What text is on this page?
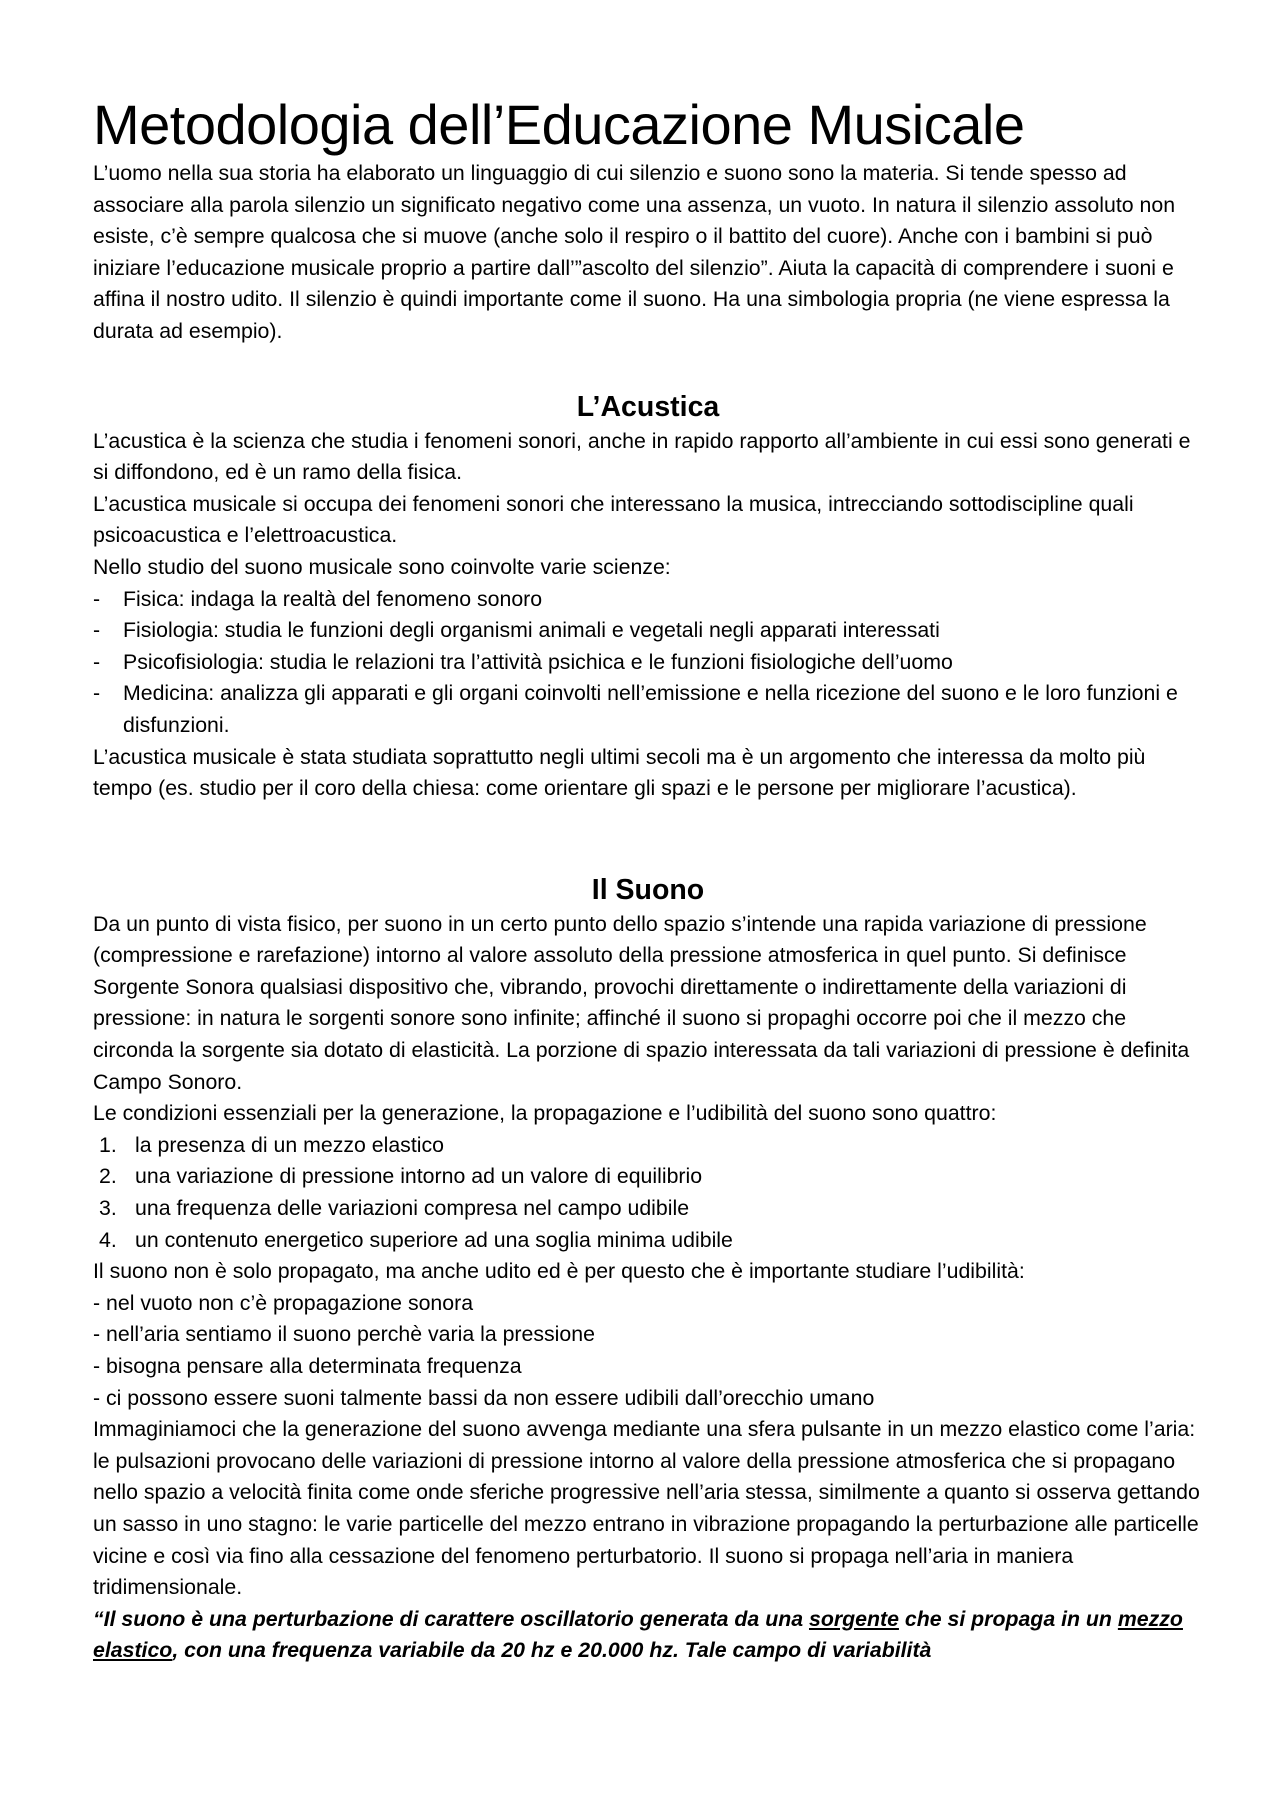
Metodologia dell’Educazione Musicale

L’uomo nella sua storia ha elaborato un linguaggio di cui silenzio e suono sono la materia. Si tende spesso ad associare alla parola silenzio un significato negativo come una assenza, un vuoto. In natura il silenzio assoluto non esiste, c’è sempre qualcosa che si muove (anche solo il respiro o il battito del cuore). Anche con i bambini si può iniziare l’educazione musicale proprio a partire dall’”ascolto del silenzio”. Aiuta la capacità di comprendere i suoni e affina il nostro udito. Il silenzio è quindi importante come il suono. Ha una simbologia propria (ne viene espressa la durata ad esempio).

L’Acustica

L’acustica è la scienza che studia i fenomeni sonori, anche in rapido rapporto all’ambiente in cui essi sono generati e si diffondono, ed è un ramo della fisica.

L’acustica musicale si occupa dei fenomeni sonori che interessano la musica, intrecciando sottodiscipline quali psicoacustica e l’elettroacustica.

Nello studio del suono musicale sono coinvolte varie scienze:

- Fisica: indaga la realtà del fenomeno sonoro
- Fisiologia: studia le funzioni degli organismi animali e vegetali negli apparati interessati
- Psicofisiologia: studia le relazioni tra l’attività psichica e le funzioni fisiologiche dell’uomo
- Medicina: analizza gli apparati e gli organi coinvolti nell’emissione e nella ricezione del suono e le loro funzioni e disfunzioni.

L’acustica musicale è stata studiata soprattutto negli ultimi secoli ma è un argomento che interessa da molto più tempo (es. studio per il coro della chiesa: come orientare gli spazi e le persone per migliorare l’acustica).

Il Suono

Da un punto di vista fisico, per suono in un certo punto dello spazio s’intende una rapida variazione di pressione (compressione e rarefazione) intorno al valore assoluto della pressione atmosferica in quel punto. Si definisce Sorgente Sonora qualsiasi dispositivo che, vibrando, provochi direttamente o indirettamente della variazioni di pressione: in natura le sorgenti sonore sono infinite; affinché il suono si propaghi occorre poi che il mezzo che circonda la sorgente sia dotato di elasticità. La porzione di spazio interessata da tali variazioni di pressione è definita Campo Sonoro.

Le condizioni essenziali per la generazione, la propagazione e l’udibilità del suono sono quattro:

1. la presenza di un mezzo elastico
2. una variazione di pressione intorno ad un valore di equilibrio
3. una frequenza delle variazioni compresa nel campo udibile
4. un contenuto energetico superiore ad una soglia minima udibile

Il suono non è solo propagato, ma anche udito ed è per questo che è importante studiare l’udibilità:

- nel vuoto non c’è propagazione sonora

- nell’aria sentiamo il suono perchè varia la pressione

- bisogna pensare alla determinata frequenza

- ci possono essere suoni talmente bassi da non essere udibili dall’orecchio umano

Immaginiamoci che la generazione del suono avvenga mediante una sfera pulsante in un mezzo elastico come l’aria: le pulsazioni provocano delle variazioni di pressione intorno al valore della pressione atmosferica che si propagano nello spazio a velocità finita come onde sferiche progressive nell’aria stessa, similmente a quanto si osserva gettando un sasso in uno stagno: le varie particelle del mezzo entrano in vibrazione propagando la perturbazione alle particelle vicine e così via fino alla cessazione del fenomeno perturbatorio. Il suono si propaga nell’aria in maniera tridimensionale.

“Il suono è una perturbazione di carattere oscillatorio generata da una sorgente che si propaga in un mezzo elastico, con una frequenza variabile da 20 hz e 20.000 hz. Tale campo di variabilità
